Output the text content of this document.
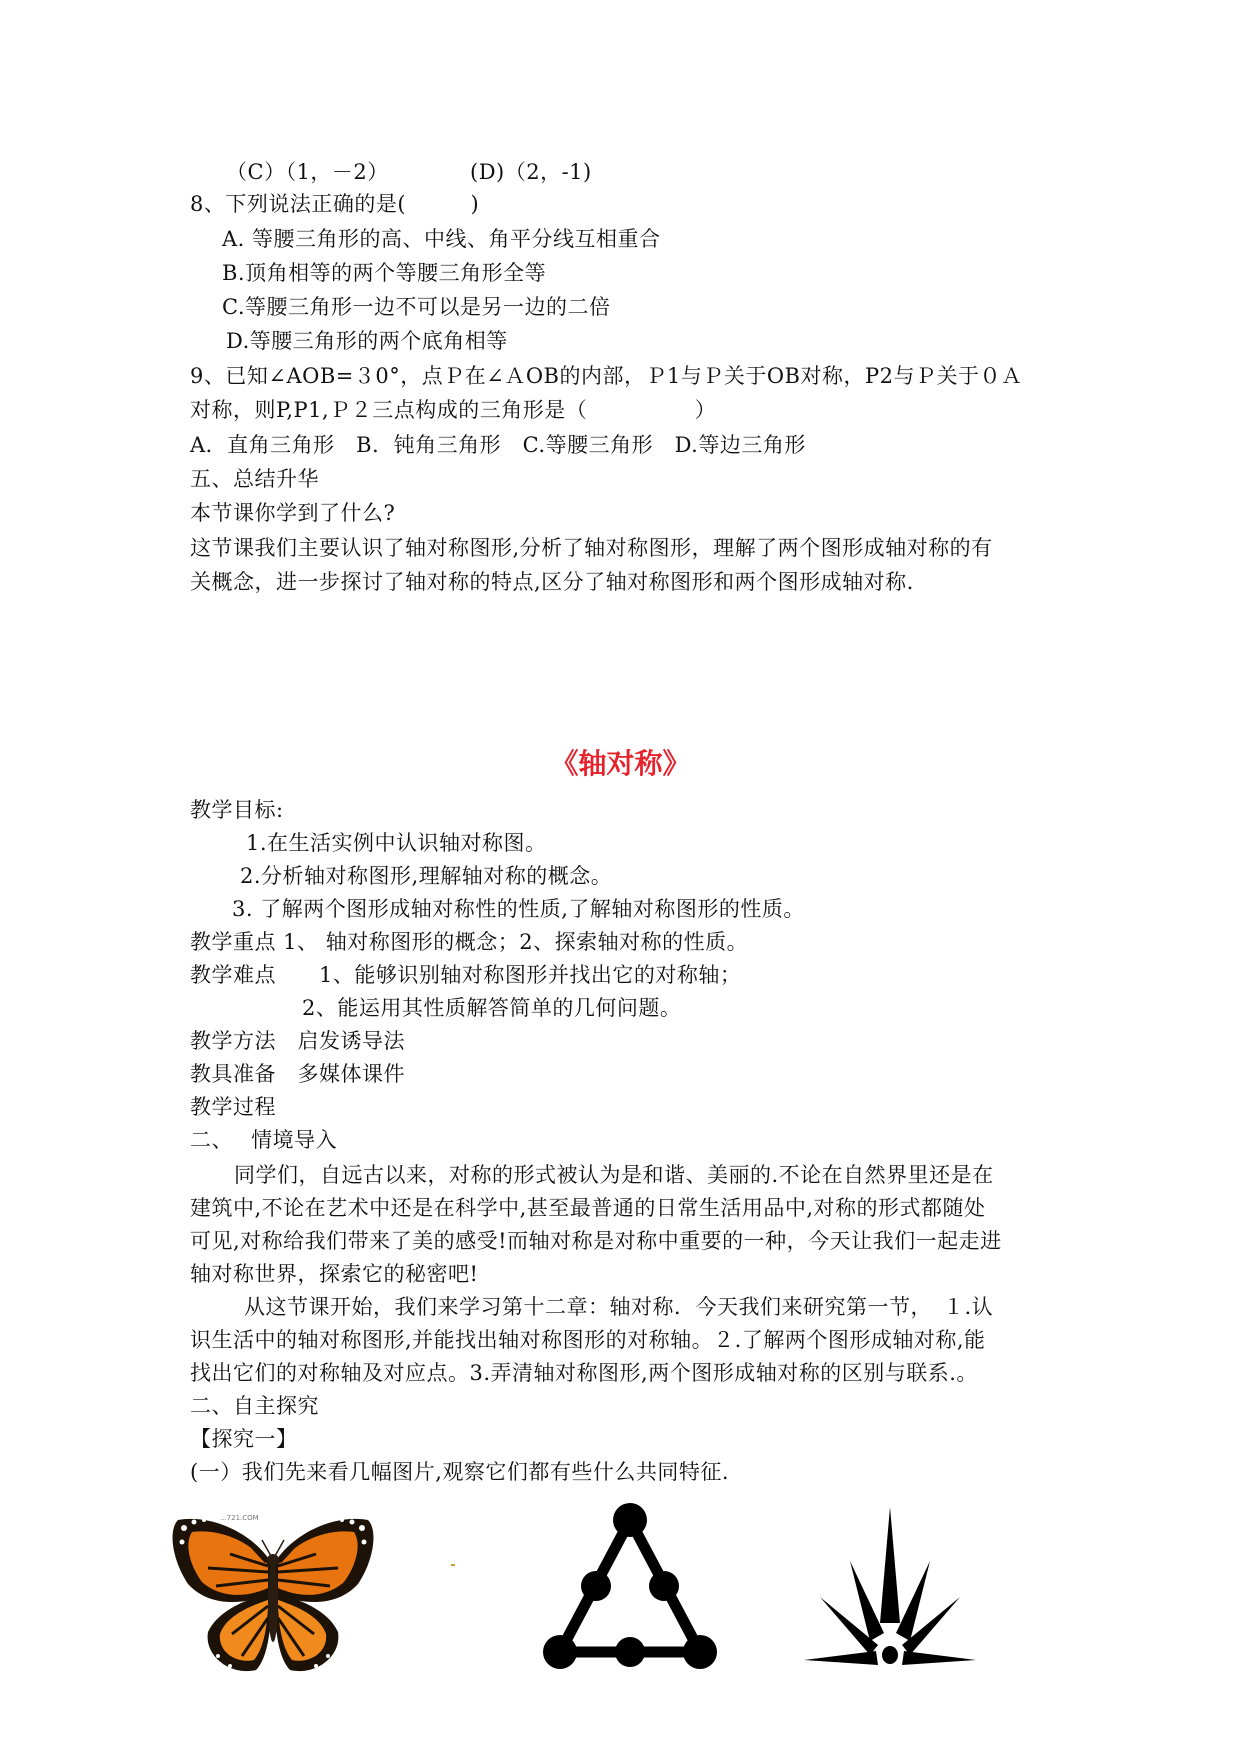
（C）（1，－2）	(D)（2，-1)
8、下列说法正确的是(　　　)
A. 等腰三角形的高、中线、角平分线互相重合
B.顶角相等的两个等腰三角形全等
C.等腰三角形一边不可以是另一边的二倍
D.等腰三角形的两个底角相等
9、已知∠AOB=３0°，点Ｐ在∠ＡOB的内部，Ｐ1与Ｐ关于OB对称，P2与Ｐ关于０Ａ
对称，则P,P1,Ｐ２三点构成的三角形是（　　　　　）
A．直角三角形　B．钝角三角形　C.等腰三角形　D.等边三角形
五、总结升华
本节课你学到了什么?
这节课我们主要认识了轴对称图形,分析了轴对称图形，理解了两个图形成轴对称的有
关概念，进一步探讨了轴对称的特点,区分了轴对称图形和两个图形成轴对称.
《轴对称》
教学目标:
1.在生活实例中认识轴对称图。
2.分析轴对称图形,理解轴对称的概念。
3. 了解两个图形成轴对称性的性质,了解轴对称图形的性质。
教学重点 1、 轴对称图形的概念；2、探索轴对称的性质。
教学难点　　1、能够识别轴对称图形并找出它的对称轴；
2、能运用其性质解答简单的几何问题。
教学方法　启发诱导法
教具准备　多媒体课件
教学过程
二、　 情境导入
同学们，自远古以来，对称的形式被认为是和谐、美丽的.不论在自然界里还是在
建筑中,不论在艺术中还是在科学中,甚至最普通的日常生活用品中,对称的形式都随处
可见,对称给我们带来了美的感受!而轴对称是对称中重要的一种，今天让我们一起走进
轴对称世界，探索它的秘密吧!
从这节课开始，我们来学习第十二章：轴对称．今天我们来研究第一节，　１.认
识生活中的轴对称图形,并能找出轴对称图形的对称轴。２.了解两个图形成轴对称,能
找出它们的对称轴及对应点。3.弄清轴对称图形,两个图形成轴对称的区别与联系.。
二、自主探究
【探究一】
(一）我们先来看几幅图片,观察它们都有些什么共同特征.
...721.COM
